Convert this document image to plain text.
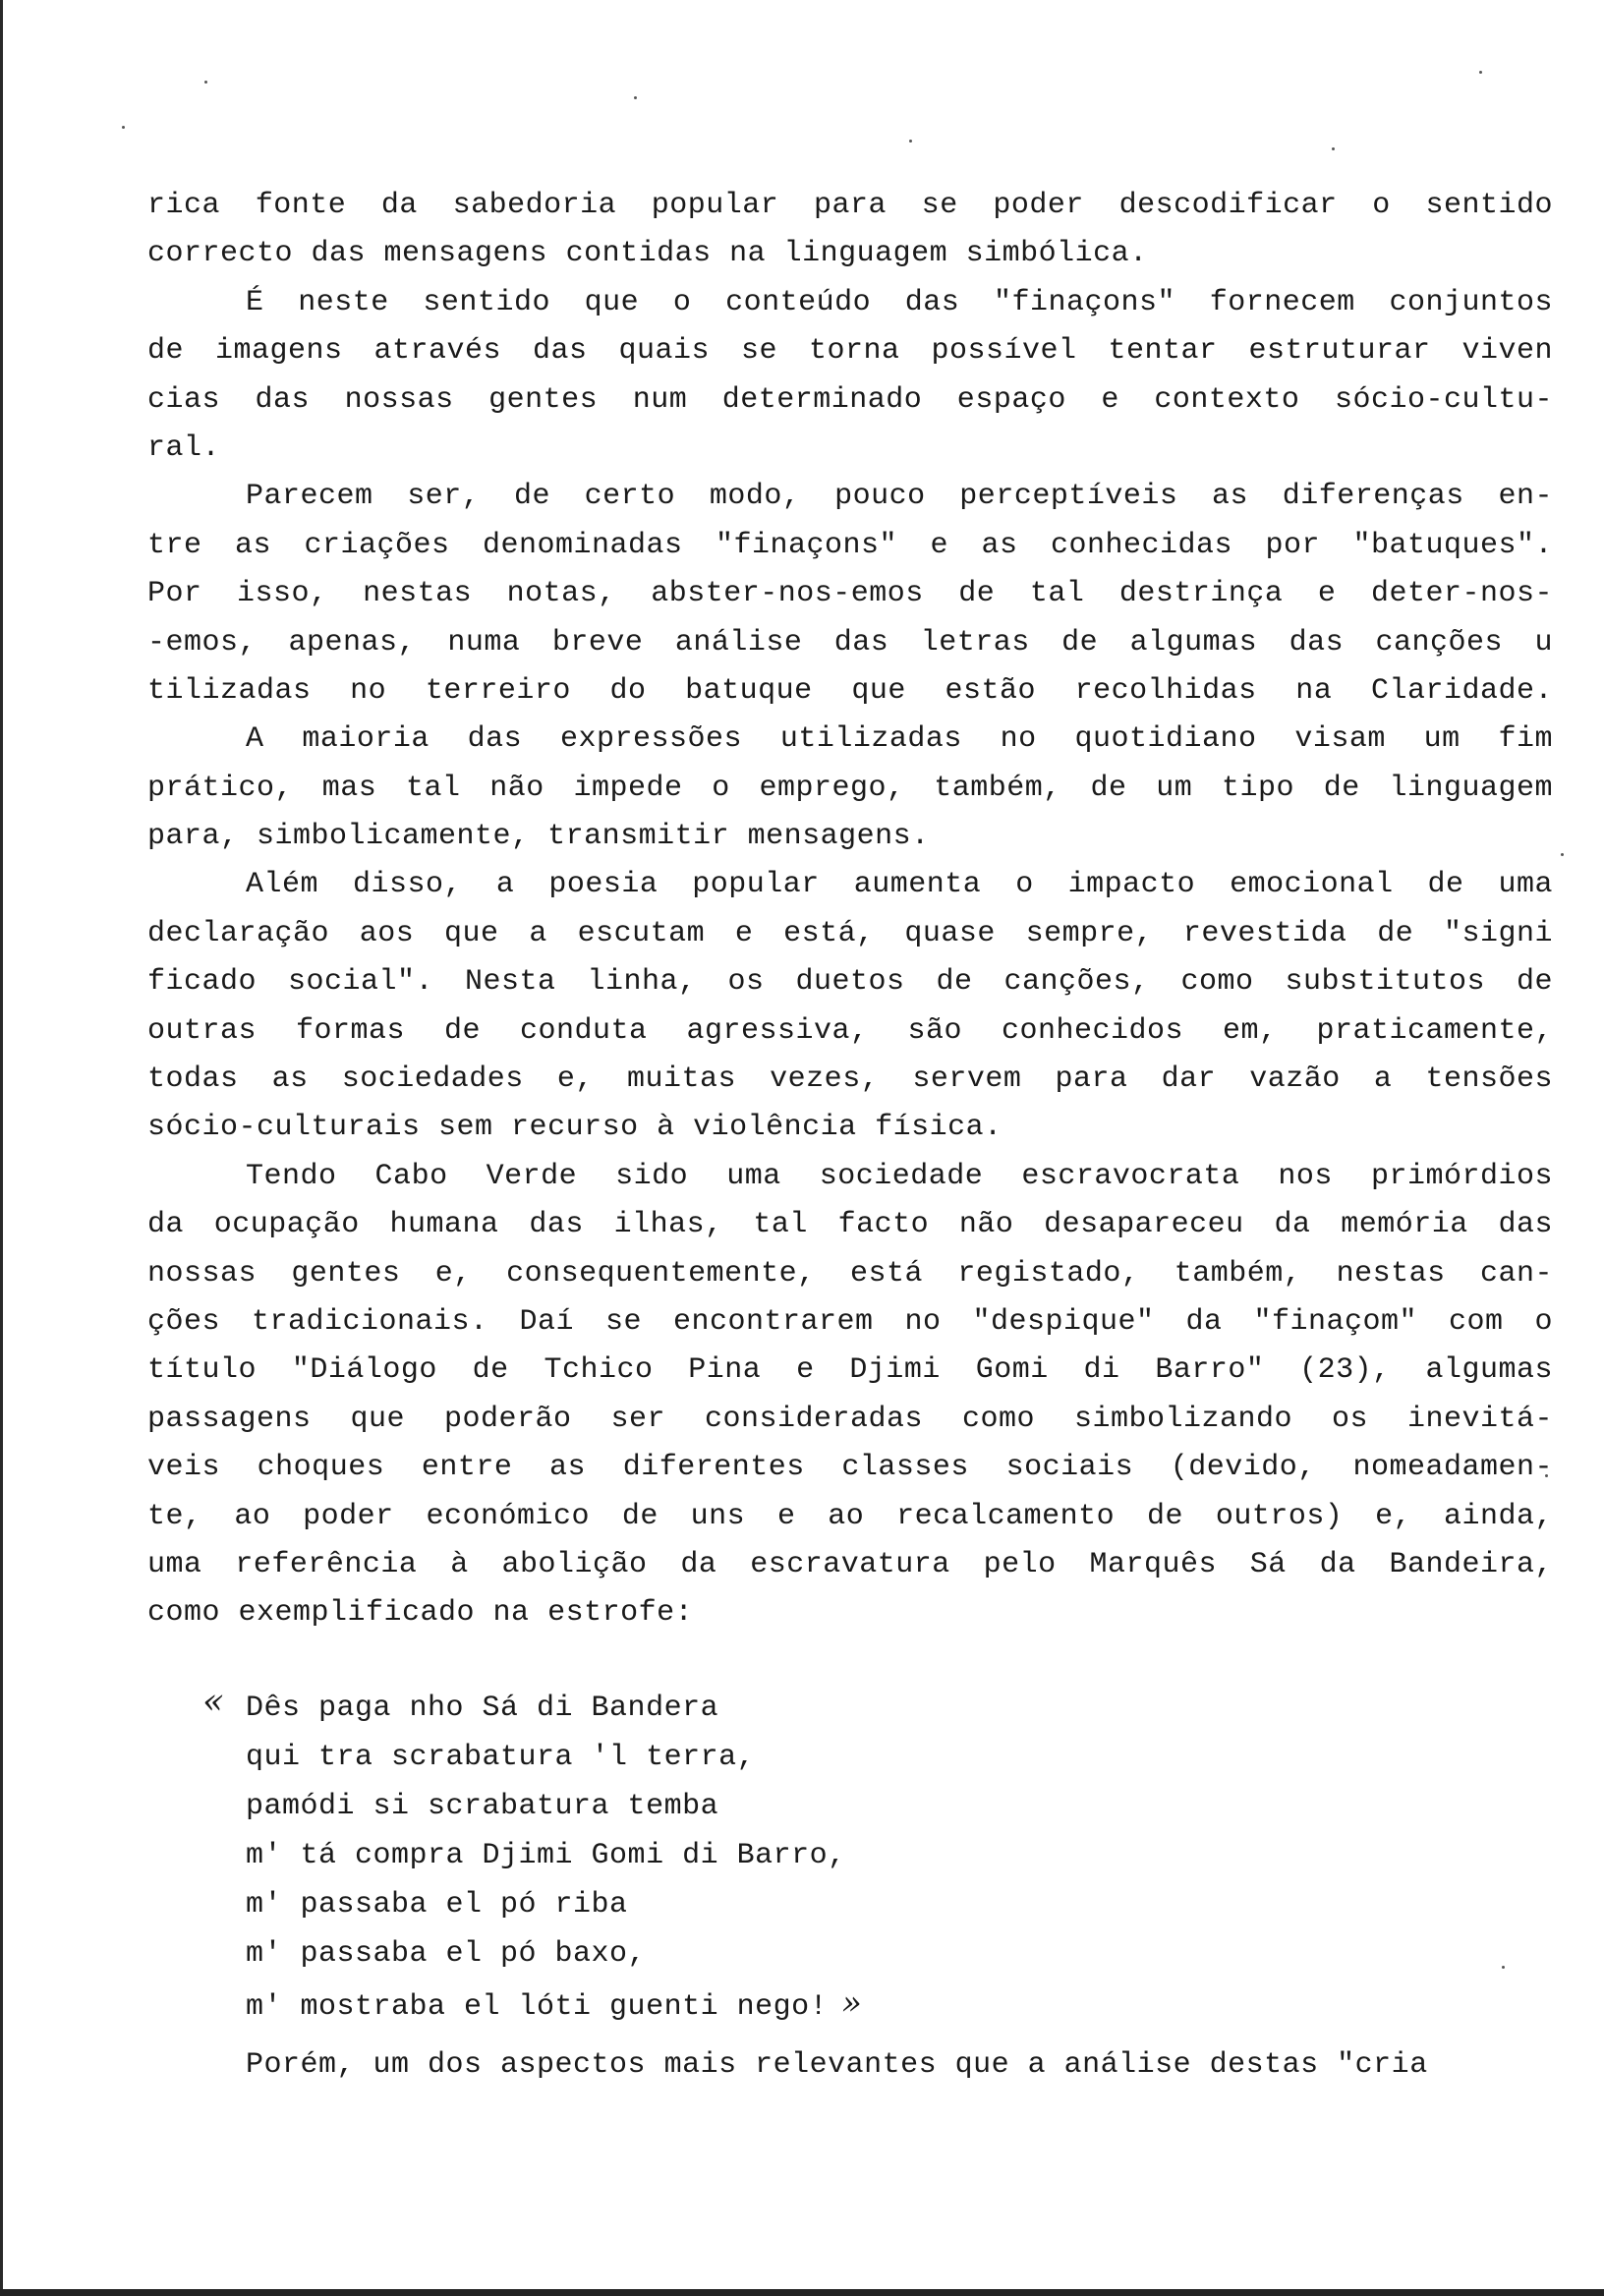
rica fonte da sabedoria popular para se poder descodificar o sentido
correcto das mensagens contidas na linguagem simbólica.
É neste sentido que o conteúdo das "finaçons" fornecem conjuntos
de imagens através das quais se torna possível tentar estruturar viven
cias das nossas gentes num determinado espaço e contexto sócio-cultu-
ral.
Parecem ser, de certo modo, pouco perceptíveis as diferenças en-
tre as criações denominadas "finaçons" e as conhecidas por "batuques".
Por isso, nestas notas, abster-nos-emos de tal destrinça e deter-nos-
-emos, apenas, numa breve análise das letras de algumas das canções u
tilizadas no terreiro do batuque que estão recolhidas na Claridade.
A maioria das expressões utilizadas no quotidiano visam um fim
prático, mas tal não impede o emprego, também, de um tipo de linguagem
para, simbolicamente, transmitir mensagens.
Além disso, a poesia popular aumenta o impacto emocional de uma
declaração aos que a escutam e está, quase sempre, revestida de "signi
ficado social". Nesta linha, os duetos de canções, como substitutos de
outras formas de conduta agressiva, são conhecidos em, praticamente,
todas as sociedades e, muitas vezes, servem para dar vazão a tensões
sócio-culturais sem recurso à violência física.
Tendo Cabo Verde sido uma sociedade escravocrata nos primórdios
da ocupação humana das ilhas, tal facto não desapareceu da memória das
nossas gentes e, consequentemente, está registado, também, nestas can-
ções tradicionais. Daí se encontrarem no "despique" da "finaçom" com o
título "Diálogo de Tchico Pina e Djimi Gomi di Barro" (23), algumas
passagens que poderão ser consideradas como simbolizando os inevitá-
veis choques entre as diferentes classes sociais (devido, nomeadamen-
te, ao poder económico de uns e ao recalcamento de outros) e, ainda,
uma referência à abolição da escravatura pelo Marquês Sá da Bandeira,
como exemplificado na estrofe:
« Dês paga nho Sá di Bandera
qui tra scrabatura 'l terra,
pamódi si scrabatura temba
m' tá compra Djimi Gomi di Barro,
m' passaba el pó riba
m' passaba el pó baxo,
m' mostraba el lóti guenti nego! »
Porém, um dos aspectos mais relevantes que a análise destas "cria
